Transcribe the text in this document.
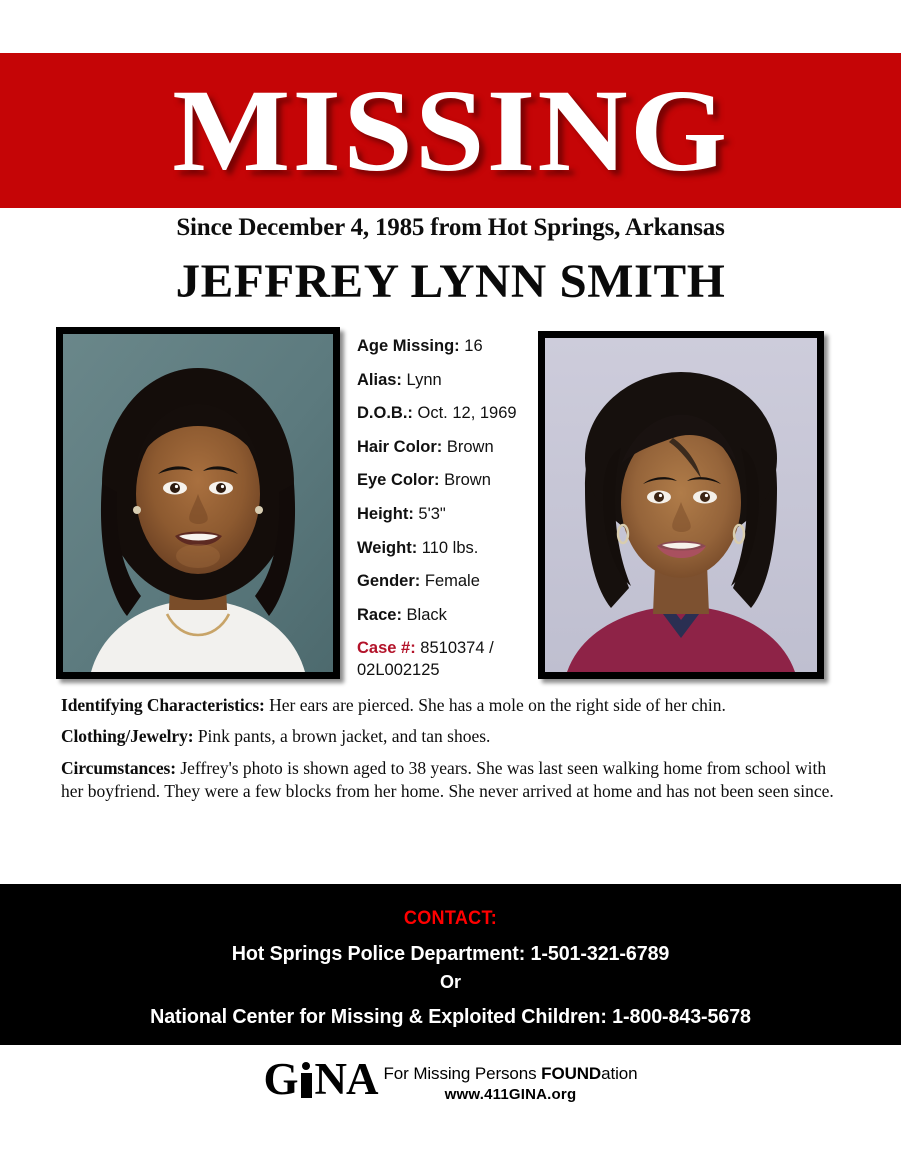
MISSING
Since December 4, 1985 from Hot Springs, Arkansas
JEFFREY LYNN SMITH
Age Missing: 16
Alias: Lynn
D.O.B.: Oct. 12, 1969
Hair Color: Brown
Eye Color: Brown
Height: 5'3"
Weight: 110 lbs.
Gender: Female
Race: Black
Case #: 8510374 / 02L002125
Identifying Characteristics: Her ears are pierced. She has a mole on the right side of her chin.
Clothing/Jewelry: Pink pants, a brown jacket, and tan shoes.
Circumstances: Jeffrey's photo is shown aged to 38 years. She was last seen walking home from school with her boyfriend. They were a few blocks from her home. She never arrived at home and has not been seen since.
CONTACT:
Hot Springs Police Department: 1-501-321-6789
Or
National Center for Missing & Exploited Children: 1-800-843-5678
G NA For Missing Persons FOUNDation
www.411GINA.org
